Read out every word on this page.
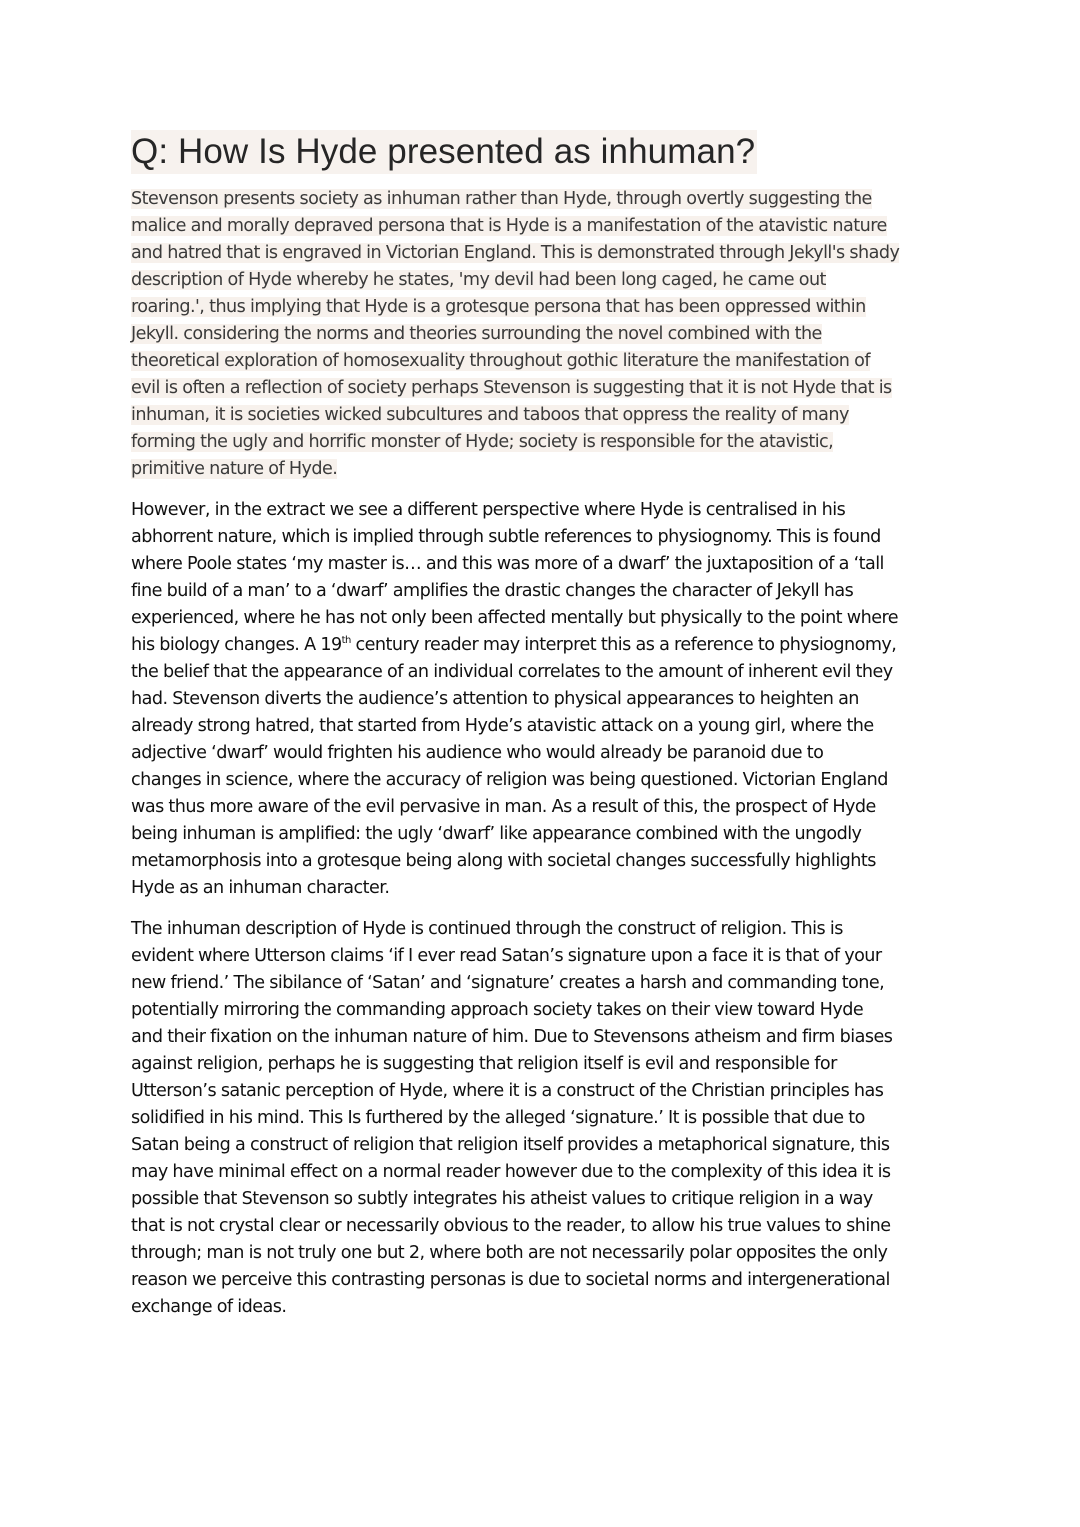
Q: How Is Hyde presented as inhuman?
Stevenson presents society as inhuman rather than Hyde, through overtly suggesting the
malice and morally depraved persona that is Hyde is a manifestation of the atavistic nature
and hatred that is engraved in Victorian England. This is demonstrated through Jekyll's shady
description of Hyde whereby he states, 'my devil had been long caged, he came out
roaring.', thus implying that Hyde is a grotesque persona that has been oppressed within
Jekyll. considering the norms and theories surrounding the novel combined with the
theoretical exploration of homosexuality throughout gothic literature the manifestation of
evil is often a reflection of society perhaps Stevenson is suggesting that it is not Hyde that is
inhuman, it is societies wicked subcultures and taboos that oppress the reality of many
forming the ugly and horrific monster of Hyde; society is responsible for the atavistic,
primitive nature of Hyde.
However, in the extract we see a different perspective where Hyde is centralised in his
abhorrent nature, which is implied through subtle references to physiognomy. This is found
where Poole states ‘my master is… and this was more of a dwarf’ the juxtaposition of a ‘tall
fine build of a man’ to a ‘dwarf’ amplifies the drastic changes the character of Jekyll has
experienced, where he has not only been affected mentally but physically to the point where
his biology changes. A 19th century reader may interpret this as a reference to physiognomy,
the belief that the appearance of an individual correlates to the amount of inherent evil they
had. Stevenson diverts the audience’s attention to physical appearances to heighten an
already strong hatred, that started from Hyde’s atavistic attack on a young girl, where the
adjective ‘dwarf’ would frighten his audience who would already be paranoid due to
changes in science, where the accuracy of religion was being questioned. Victorian England
was thus more aware of the evil pervasive in man. As a result of this, the prospect of Hyde
being inhuman is amplified: the ugly ‘dwarf’ like appearance combined with the ungodly
metamorphosis into a grotesque being along with societal changes successfully highlights
Hyde as an inhuman character.
The inhuman description of Hyde is continued through the construct of religion. This is
evident where Utterson claims ‘if I ever read Satan’s signature upon a face it is that of your
new friend.’ The sibilance of ‘Satan’ and ‘signature’ creates a harsh and commanding tone,
potentially mirroring the commanding approach society takes on their view toward Hyde
and their fixation on the inhuman nature of him. Due to Stevensons atheism and firm biases
against religion, perhaps he is suggesting that religion itself is evil and responsible for
Utterson’s satanic perception of Hyde, where it is a construct of the Christian principles has
solidified in his mind. This Is furthered by the alleged ‘signature.’ It is possible that due to
Satan being a construct of religion that religion itself provides a metaphorical signature, this
may have minimal effect on a normal reader however due to the complexity of this idea it is
possible that Stevenson so subtly integrates his atheist values to critique religion in a way
that is not crystal clear or necessarily obvious to the reader, to allow his true values to shine
through; man is not truly one but 2, where both are not necessarily polar opposites the only
reason we perceive this contrasting personas is due to societal norms and intergenerational
exchange of ideas.
